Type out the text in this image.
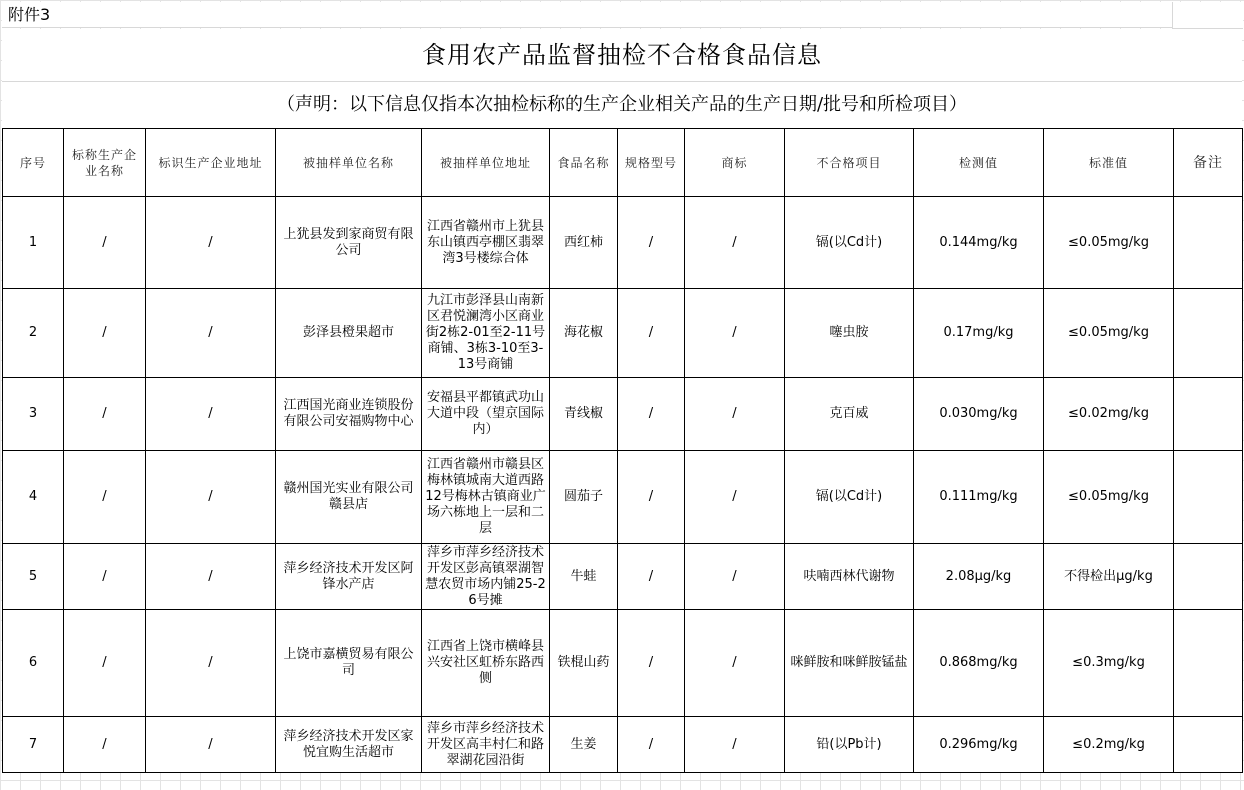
附件3
食用农产品监督抽检不合格食品信息
（声明：以下信息仅指本次抽检标称的生产企业相关产品的生产日期/批号和所检项目）
序号	标称生产企业名称	标识生产企业地址	被抽样单位名称	被抽样单位地址	食品名称	规格型号	商标	不合格项目	检测值	标准值	备注
1	/	/	上犹县发到家商贸有限公司	江西省赣州市上犹县东山镇西亭棚区翡翠湾3号楼综合体	西红柿	/	/	镉(以Cd计)	0.144mg/kg	≤0.05mg/kg	
2	/	/	彭泽县橙果超市	九江市彭泽县山南新区君悦澜湾小区商业街2栋2-01至2-11号商铺、3栋3-10至3-13号商铺	海花椒	/	/	噻虫胺	0.17mg/kg	≤0.05mg/kg	
3	/	/	江西国光商业连锁股份有限公司安福购物中心	安福县平都镇武功山大道中段（望京国际内）	青线椒	/	/	克百威	0.030mg/kg	≤0.02mg/kg	
4	/	/	赣州国光实业有限公司赣县店	江西省赣州市赣县区梅林镇城南大道西路12号梅林古镇商业广场六栋地上一层和二层	圆茄子	/	/	镉(以Cd计)	0.111mg/kg	≤0.05mg/kg	
5	/	/	萍乡经济技术开发区阿锋水产店	萍乡市萍乡经济技术开发区彭高镇翠湖智慧农贸市场内铺25-26号摊	牛蛙	/	/	呋喃西林代谢物	2.08μg/kg	不得检出μg/kg	
6	/	/	上饶市嘉横贸易有限公司	江西省上饶市横峰县兴安社区虹桥东路西侧	铁棍山药	/	/	咪鲜胺和咪鲜胺锰盐	0.868mg/kg	≤0.3mg/kg	
7	/	/	萍乡经济技术开发区家悦宜购生活超市	萍乡市萍乡经济技术开发区高丰村仁和路翠湖花园沿街	生姜	/	/	铅(以Pb计)	0.296mg/kg	≤0.2mg/kg	
